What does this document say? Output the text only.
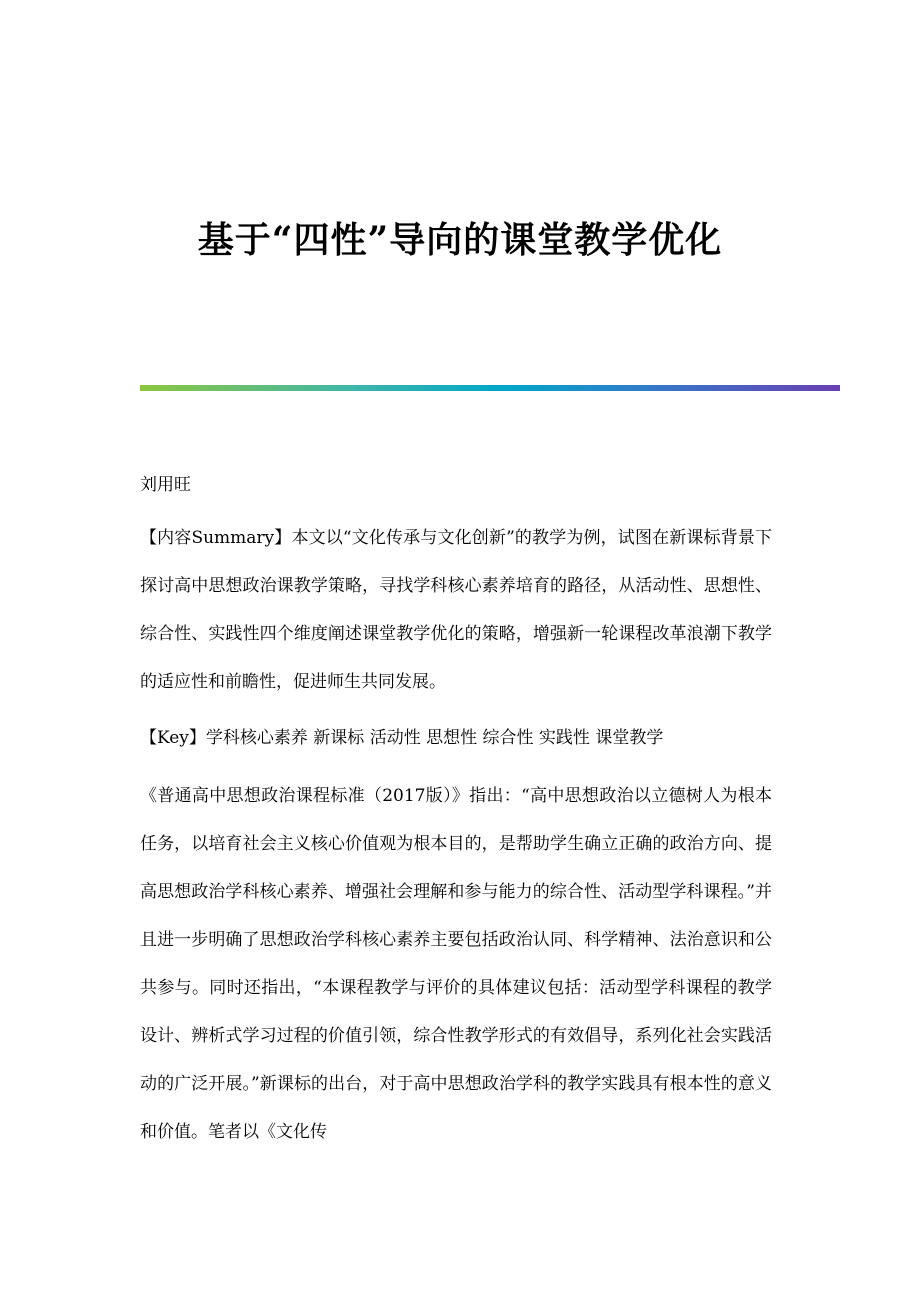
基于“四性”导向的课堂教学优化
刘用旺

【内容Summary】本文以“文化传承与文化创新”的教学为例，试图在新课标背景下探讨高中思想政治课教学策略，寻找学科核心素养培育的路径，从活动性、思想性、综合性、实践性四个维度阐述课堂教学优化的策略，增强新一轮课程改革浪潮下教学的适应性和前瞻性，促进师生共同发展。

【Key】学科核心素养 新课标 活动性 思想性 综合性 实践性 课堂教学

《普通高中思想政治课程标准（2017版）》指出：“高中思想政治以立德树人为根本任务，以培育社会主义核心价值观为根本目的，是帮助学生确立正确的政治方向、提高思想政治学科核心素养、增强社会理解和参与能力的综合性、活动型学科课程。”并且进一步明确了思想政治学科核心素养主要包括政治认同、科学精神、法治意识和公共参与。同时还指出，“本课程教学与评价的具体建议包括：活动型学科课程的教学设计、辨析式学习过程的价值引领，综合性教学形式的有效倡导，系列化社会实践活动的广泛开展。”新课标的出台，对于高中思想政治学科的教学实践具有根本性的意义和价值。笔者以《文化传
